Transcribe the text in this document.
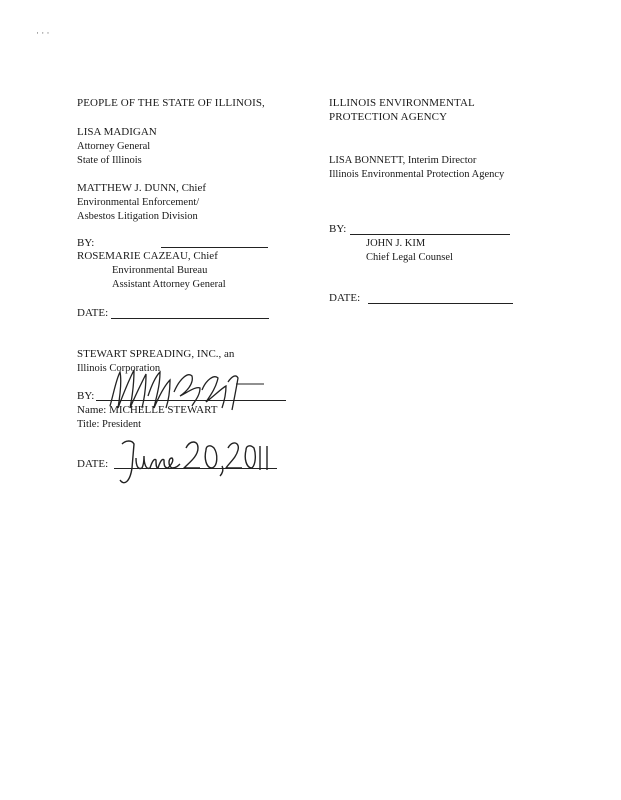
· · ·
PEOPLE OF THE STATE OF ILLINOIS,
LISA MADIGAN
Attorney General
State of Illinois
MATTHEW J. DUNN, Chief
Environmental Enforcement/
Asbestos Litigation Division
BY:
ROSEMARIE CAZEAU, Chief
Environmental Bureau
Assistant Attorney General
DATE:
ILLINOIS ENVIRONMENTAL
PROTECTION AGENCY
LISA BONNETT, Interim Director
Illinois Environmental Protection Agency
BY:
JOHN J. KIM
Chief Legal Counsel
DATE:
STEWART SPREADING, INC., an
Illinois Corporation
BY:
Name: MICHELLE STEWART
Title: President
DATE:
